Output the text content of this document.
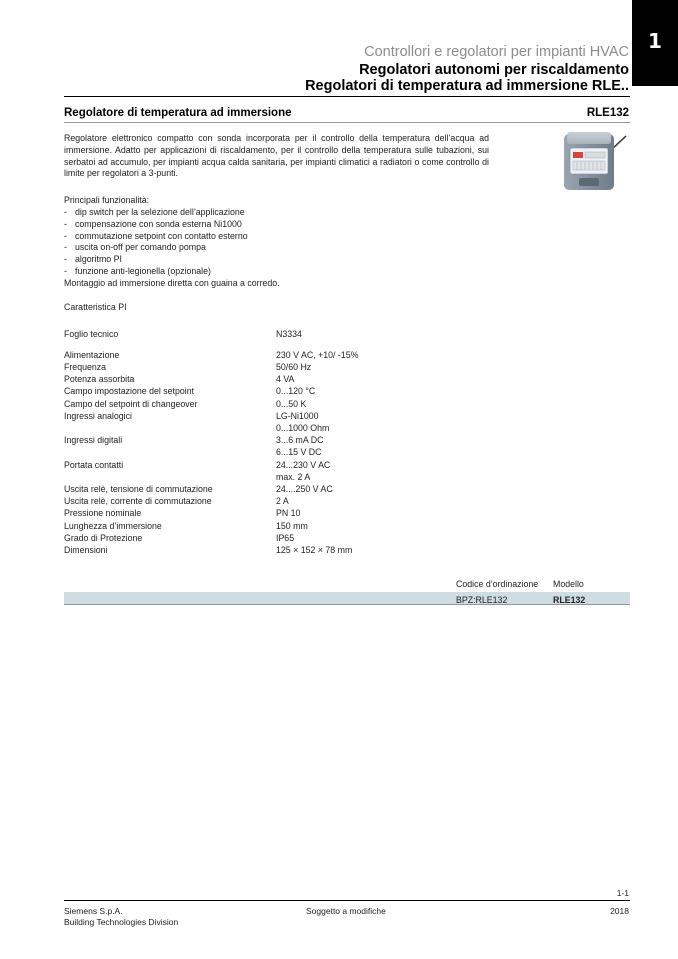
1
Controllori e regolatori per impianti HVAC
Regolatori autonomi per riscaldamento
Regolatori di temperatura ad immersione RLE..
Regolatore di temperatura ad immersione	RLE132
Regolatore elettronico compatto con sonda incorporata per il controllo della temperatura dell’acqua ad immersione. Adatto per applicazioni di riscaldamento, per il controllo della temperatura sulle tubazioni, sui serbatoi ad accumulo, per impianti acqua calda sanitaria, per impianti climatici a radiatori o come controllo di limite per regolatori a 3-punti.
Principali funzionalità:
- dip switch per la selezione dell’applicazione
- compensazione con sonda esterna Ni1000
- commutazione setpoint con contatto esterno
- uscita on-off per comando pompa
- algoritmo PI
- funzione anti-legionella (opzionale)
Montaggio ad immersione diretta con guaina a corredo.
Caratteristica PI
Foglio tecnico	N3334
Alimentazione	230 V AC, +10/ -15%
Frequenza	50/60 Hz
Potenza assorbita	4 VA
Campo impostazione del setpoint	0...120 °C
Campo del setpoint di changeover	0...50 K
Ingressi analogici	LG-Ni1000
0...1000 Ohm
Ingressi digitali	3...6 mA DC
6...15 V DC
Portata contatti	24...230 V AC
max. 2 A
Uscita relè, tensione di commutazione	24....250 V AC
Uscita relè, corrente di commutazione	2 A
Pressione nominale	PN 10
Lunghezza d’immersione	150 mm
Grado di Protezione	IP65
Dimensioni	125 × 152 × 78 mm
Codice d’ordinazione Modello
BPZ:RLE132	RLE132
1-1
Siemens S.p.A.
Building Technologies Division
Soggetto a modifiche	2018
